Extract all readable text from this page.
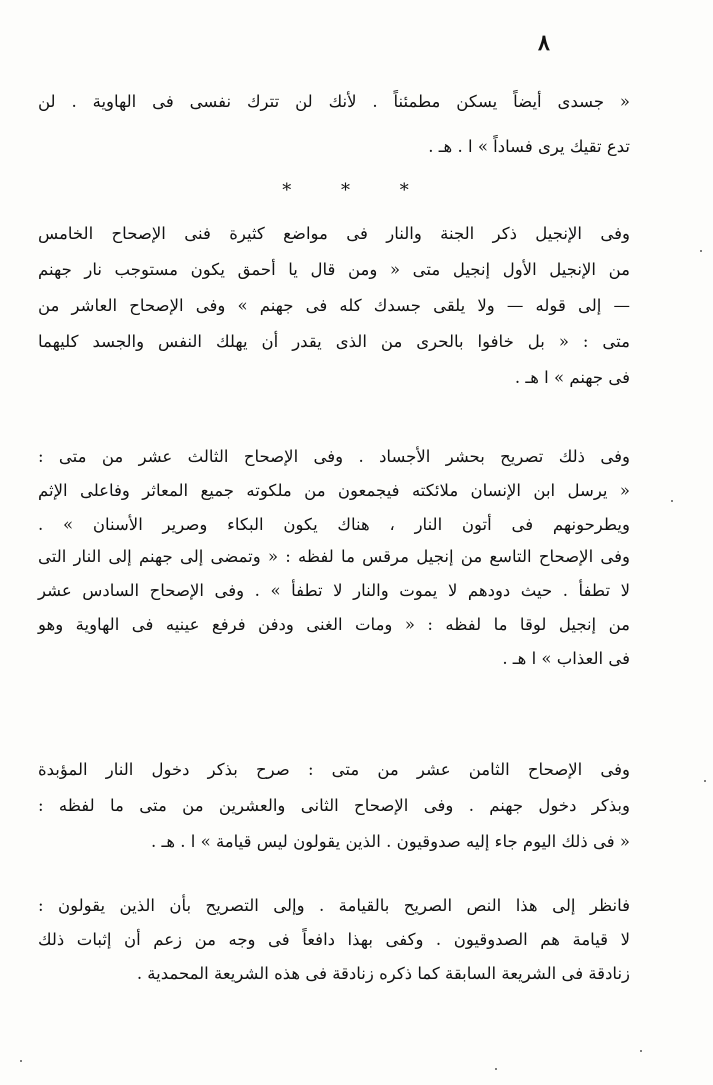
٨
« جسدى أيضاً يسكن مطمئناً . لأنك لن تترك نفسى فى الهاوية . لن
تدع تقيك يرى فساداً » ا . هـ .
* * *
وفى الإنجيل ذكر الجنة والنار فى مواضع كثيرة فنى الإصحاح الخامس
من الإنجيل الأول إنجيل متى « ومن قال يا أحمق يكون مستوجب نار جهنم
— إلى قوله — ولا يلقى جسدك كله فى جهنم » وفى الإصحاح العاشر من
متى : « بل خافوا بالحرى من الذى يقدر أن يهلك النفس والجسد كليهما
فى جهنم » ا هـ .
وفى ذلك تصريح بحشر الأجساد . وفى الإصحاح الثالث عشر من متى :
« يرسل ابن الإنسان ملائكته فيجمعون من ملكوته جميع المعاثر وفاعلى الإثم
ويطرحونهم فى أتون النار ، هناك يكون البكاء وصرير الأسنان » .
وفى الإصحاح التاسع من إنجيل مرقس ما لفظه : « وتمضى إلى جهنم إلى النار التى
لا تطفأ . حيث دودهم لا يموت والنار لا تطفأ » . وفى الإصحاح السادس عشر
من إنجيل لوقا ما لفظه : « ومات الغنى ودفن فرفع عينيه فى الهاوية وهو
فى العذاب » ا هـ .
وفى الإصحاح الثامن عشر من متى : صرح بذكر دخول النار المؤبدة
وبذكر دخول جهنم . وفى الإصحاح الثانى والعشرين من متى ما لفظه :
« فى ذلك اليوم جاء إليه صدوقيون . الذين يقولون ليس قيامة » ا . هـ .
فانظر إلى هذا النص الصريح بالقيامة . وإلى التصريح بأن الذين يقولون :
لا قيامة هم الصدوقيون . وكفى بهذا دافعاً فى وجه من زعم أن إثبات ذلك
زنادقة فى الشريعة السابقة كما ذكره زنادقة فى هذه الشريعة المحمدية .
